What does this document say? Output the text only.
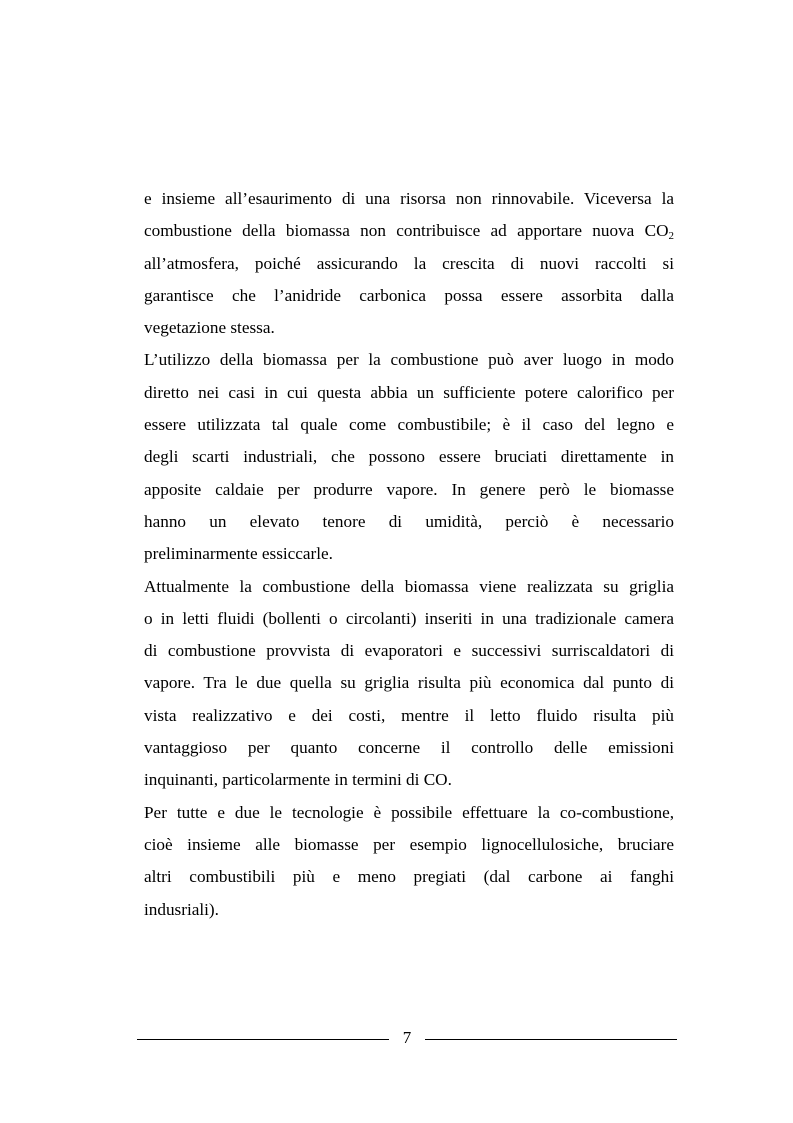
e insieme all’esaurimento di una risorsa non rinnovabile. Viceversa la
combustione della biomassa non contribuisce ad apportare nuova $CO_2$
all’atmosfera, poiché assicurando la crescita di nuovi raccolti si
garantisce che l’anidride carbonica possa essere assorbita dalla
vegetazione stessa.
L’utilizzo della biomassa per la combustione può aver luogo in modo
diretto nei casi in cui questa abbia un sufficiente potere calorifico per
essere utilizzata tal quale come combustibile; è il caso del legno e
degli scarti industriali, che possono essere bruciati direttamente in
apposite caldaie per produrre vapore. In genere però le biomasse
hanno un elevato tenore di umidità, perciò è necessario
preliminarmente essiccarle.
Attualmente la combustione della biomassa viene realizzata su griglia
o in letti fluidi (bollenti o circolanti) inseriti in una tradizionale camera
di combustione provvista di evaporatori e successivi surriscaldatori di
vapore. Tra le due quella su griglia risulta più economica dal punto di
vista realizzativo e dei costi, mentre il letto fluido risulta più
vantaggioso per quanto concerne il controllo delle emissioni
inquinanti, particolarmente in termini di CO.
Per tutte e due le tecnologie è possibile effettuare la co-combustione,
cioè insieme alle biomasse per esempio lignocellulosiche, bruciare
altri combustibili più e meno pregiati (dal carbone ai fanghi
indusriali).
7
